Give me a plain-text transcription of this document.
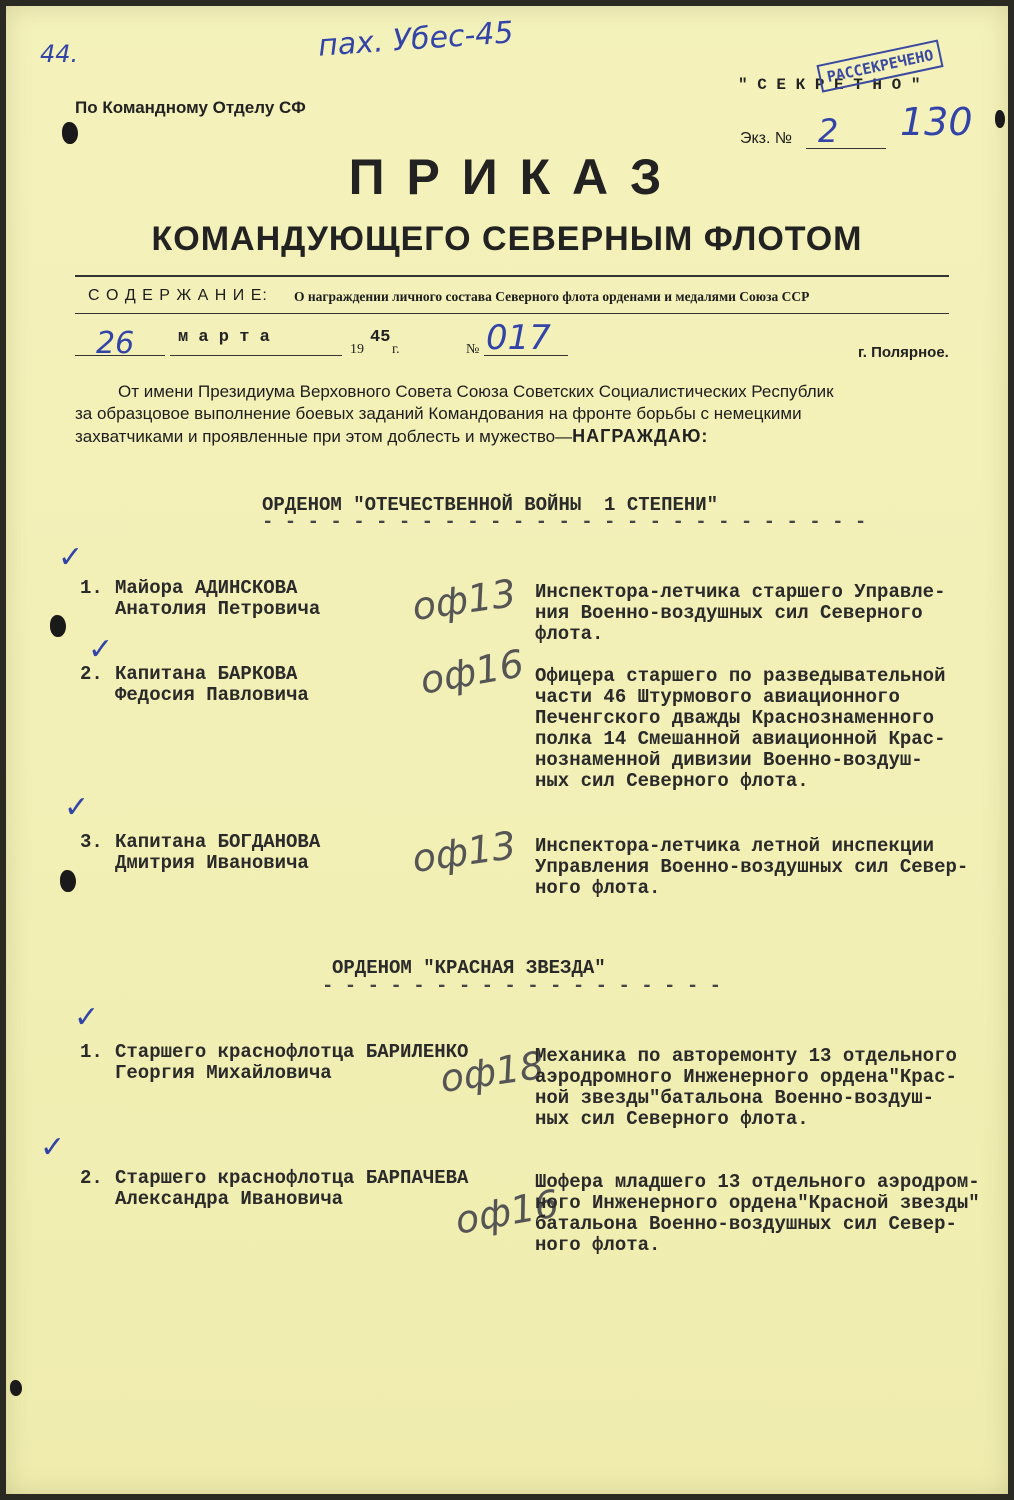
44.	пах. Убес-45
По Командному Отделу СФ
" С Е К Р Е Т Н О "
РАССЕКРЕЧЕНО
Экз. № 2 130
П Р И К А З
КОМАНДУЮЩЕГО СЕВЕРНЫМ ФЛОТОМ
С О Д Е Р Ж А Н И Е: О награждении личного состава Северного флота орденами и медалями Союза ССР
26	м а р т а
19
45
г.	№ 017	г. Полярное.
От имени Президиума Верховного Совета Союза Советских Социалистических Республик
за образцовое выполнение боевых заданий Командования на фронте борьбы с немецкими
захватчиками и проявленные при этом доблесть и мужество—НАГРАЖДАЮ:
ОРДЕНОМ "ОТЕЧЕСТВЕННОЙ ВОЙНЫ  1 СТЕПЕНИ"
- - - - - - - - - - - - - - - - - - - - - - - - - - -
✓
1. Майора АДИНСКОВА
Анатолия Петровича оф13 Инспектора-летчика старшего Управле-
ния Военно-воздушных сил Северного
флота.
✓
2. Капитана БАРКОВА
Федосия Павловича	оф16 Офицера старшего по разведывательной
части 46 Штурмового авиационного
Печенгского дважды Краснознаменного
полка 14 Смешанной авиационной Крас-
нознаменной дивизии Военно-воздуш-
ных сил Северного флота.
✓
3. Капитана БОГДАНОВА
Дмитрия Ивановича	оф13 Инспектора-летчика летной инспекции
Управления Военно-воздушных сил Север-
ного флота.
ОРДЕНОМ "КРАСНАЯ ЗВЕЗДА"
- - - - - - - - - - - - - - - - - -
✓
1. Старшего краснофлотца БАРИЛЕНКО
Георгия Михайловича	оф18
Механика по авторемонту 13 отдельного
аэродромного Инженерного ордена"Крас-
ной звезды"батальона Военно-воздуш-
ных сил Северного флота.
✓
2. Старшего краснофлотца БАРПАЧЕВА
Александра Ивановича	оф16
Шофера младшего 13 отдельного аэродром-
ного Инженерного ордена"Красной звезды"
батальона Военно-воздушных сил Север-
ного флота.
